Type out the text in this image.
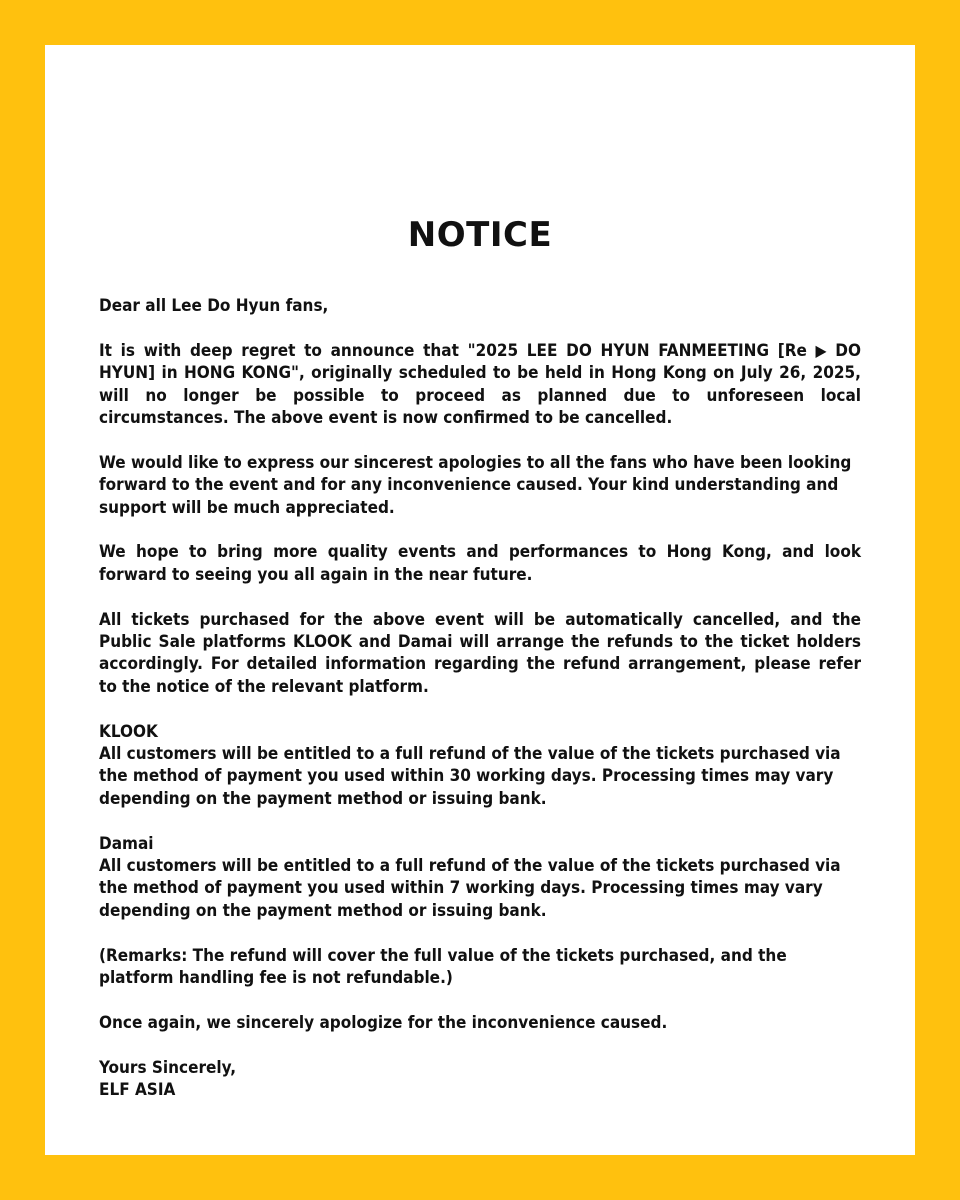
NOTICE

Dear all Lee Do Hyun fans,

It is with deep regret to announce that "2025 LEE DO HYUN FANMEETING [Re ▶ DO HYUN] in HONG KONG", originally scheduled to be held in Hong Kong on July 26, 2025, will no longer be possible to proceed as planned due to unforeseen local circumstances. The above event is now confirmed to be cancelled.

We would like to express our sincerest apologies to all the fans who have been looking forward to the event and for any inconvenience caused. Your kind understanding and support will be much appreciated.

We hope to bring more quality events and performances to Hong Kong, and look forward to seeing you all again in the near future.

All tickets purchased for the above event will be automatically cancelled, and the Public Sale platforms KLOOK and Damai will arrange the refunds to the ticket holders accordingly. For detailed information regarding the refund arrangement, please refer to the notice of the relevant platform.

KLOOK
All customers will be entitled to a full refund of the value of the tickets purchased via the method of payment you used within 30 working days. Processing times may vary depending on the payment method or issuing bank.

Damai
All customers will be entitled to a full refund of the value of the tickets purchased via the method of payment you used within 7 working days. Processing times may vary depending on the payment method or issuing bank.

(Remarks: The refund will cover the full value of the tickets purchased, and the platform handling fee is not refundable.)

Once again, we sincerely apologize for the inconvenience caused.

Yours Sincerely,
ELF ASIA
